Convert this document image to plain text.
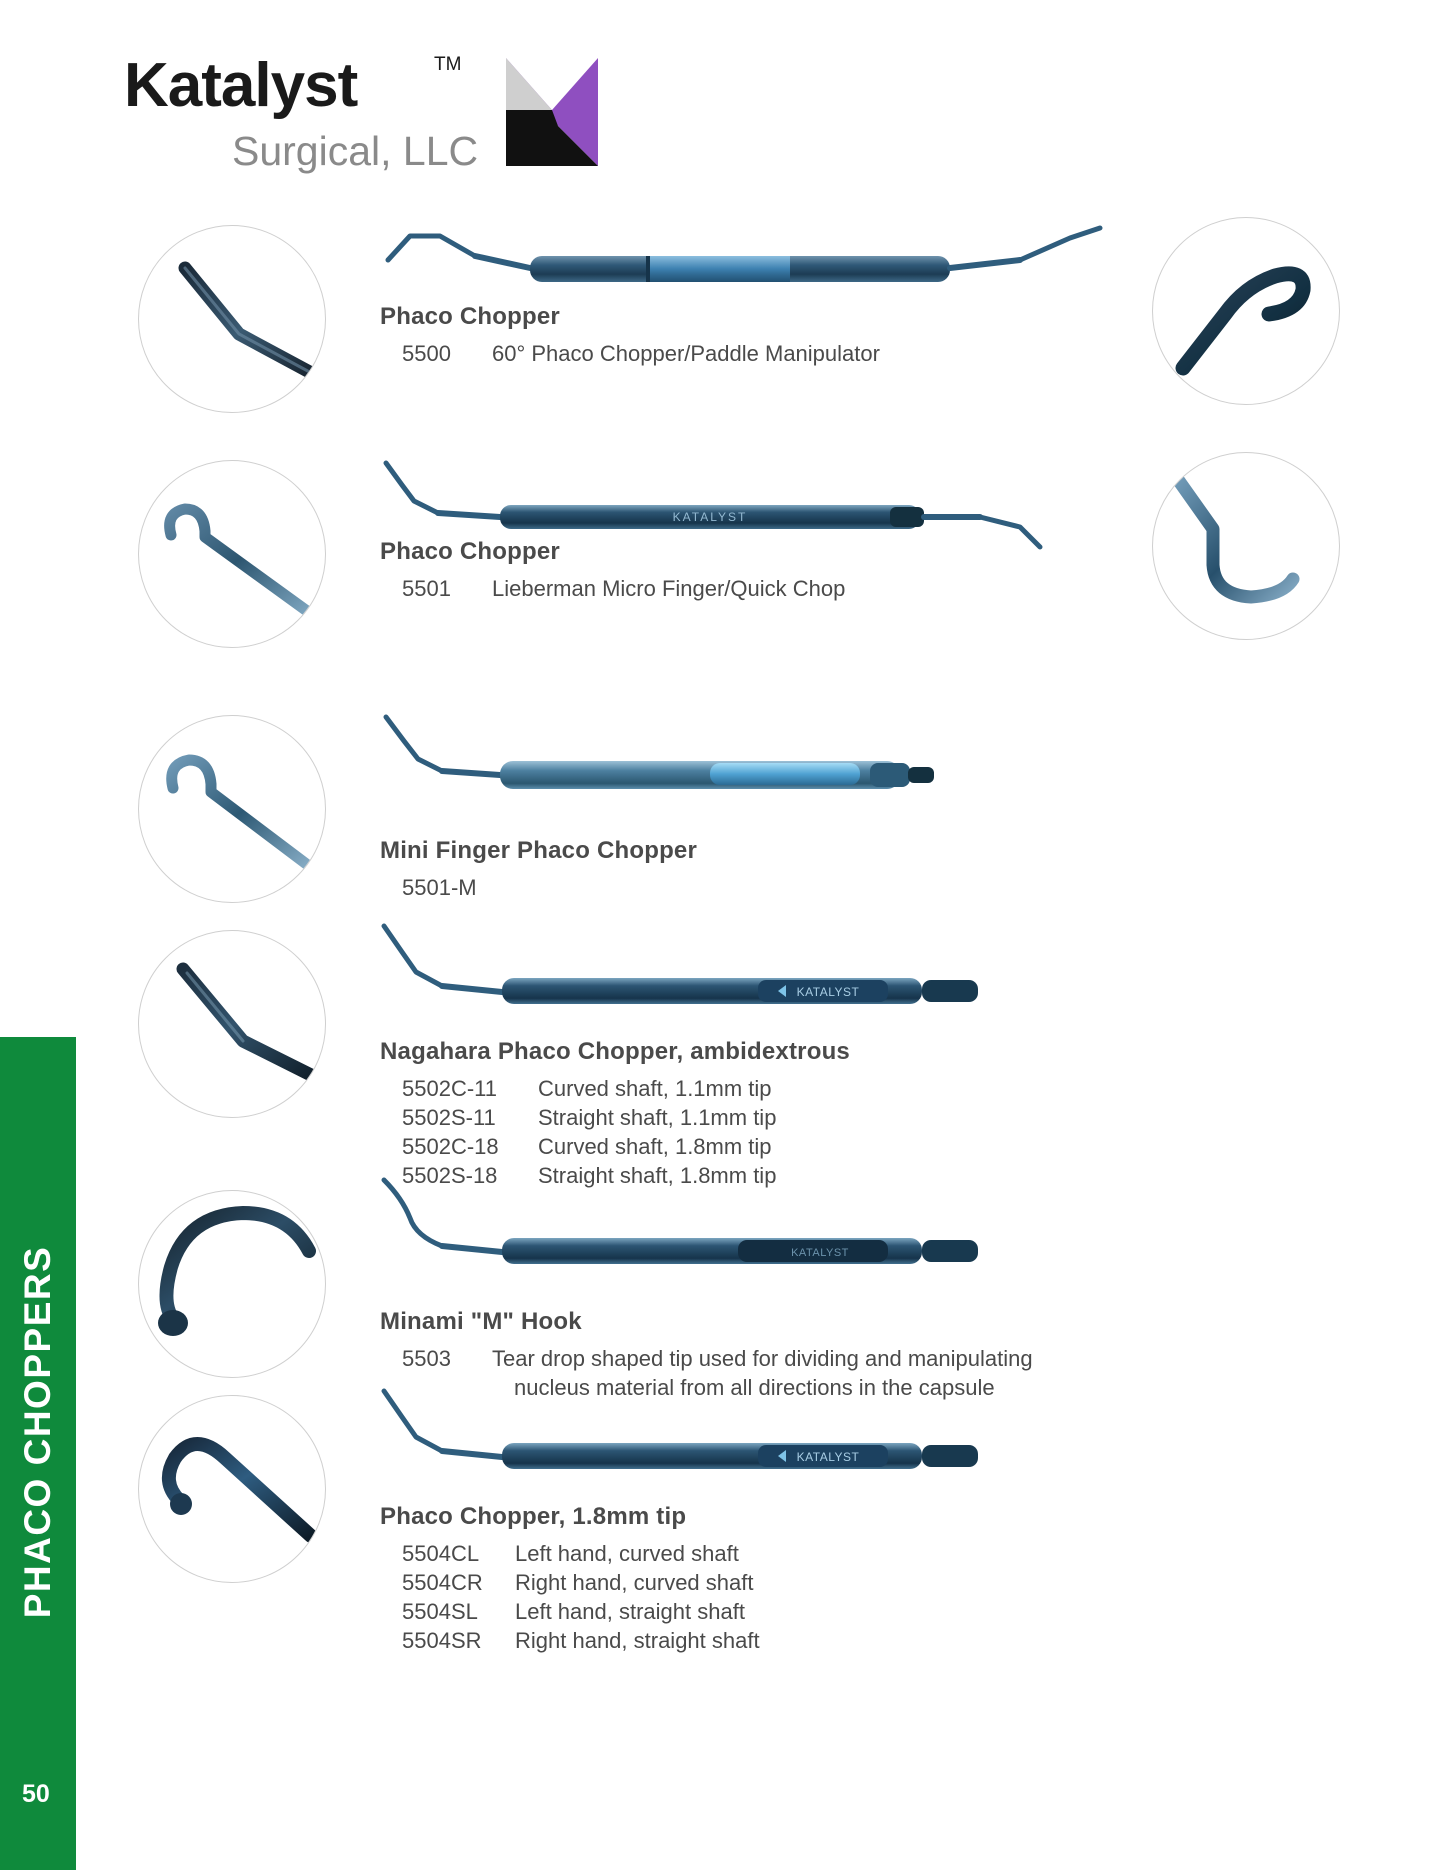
PHACO CHOPPERS
50
Katalyst	TM
Surgical, LLC
Phaco Chopper
5500	60° Phaco Chopper/Paddle Manipulator
KATALYST
Phaco Chopper
5501	Lieberman Micro Finger/Quick Chop
Mini Finger Phaco Chopper
5501-M
KATALYST
Nagahara Phaco Chopper, ambidextrous
5502C-11	Curved shaft, 1.1mm tip
5502S-11	Straight shaft, 1.1mm tip
5502C-18	Curved shaft, 1.8mm tip
5502S-18	Straight shaft, 1.8mm tip
KATALYST
Minami "M" Hook
5503	Tear drop shaped tip used for dividing and manipulating
nucleus material from all directions in the capsule
KATALYST
Phaco Chopper, 1.8mm tip
5504CL	Left hand, curved shaft
5504CR	Right hand, curved shaft
5504SL	Left hand, straight shaft
5504SR	Right hand, straight shaft
